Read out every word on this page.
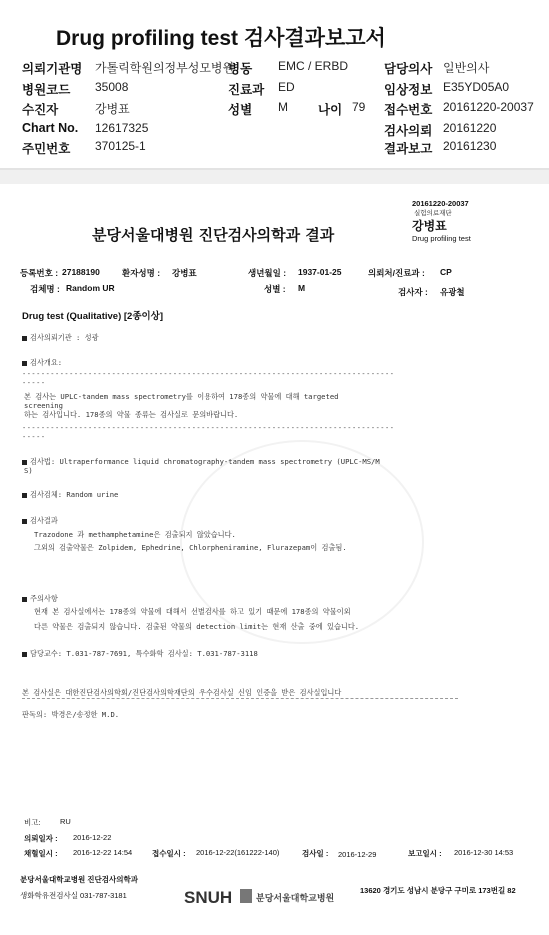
Drug profiling test 검사결과보고서
의뢰기관명 가톨릭학원의정부성모병원
병동 EMC / ERBD	담당의사 일반의사
병원코드 35008	진료과 ED	임상정보 E35YD05A0
수진자	강병표	성별 M 나이 79 접수번호 20161220-20037
Chart No. 12617325	검사의뢰 20161220
주민번호 370125-1	결과보고 20161230
20161220-20037
실험의료재단
강병표
Drug profiling test
분당서울대병원 진단검사의학과 결과
등록번호 : 27188190	환자성명 : 강병표	생년월일 : 1937-01-25	의뢰처/진료과 : CP
검체명 : Random UR	성별 : M	검사자 : 유광철
Drug test (Qualitative) [2종이상]
검사의뢰기관 : 성광
검사개요:
-------------------------------------------------------------------------------
-----
본 검사는 UPLC-tandem mass spectrometry를 이용하여 178종의 약물에 대해 targeted
screening
하는 검사입니다. 178종의 약물 종류는 검사실로 문의바랍니다.
-------------------------------------------------------------------------------
-----
검사법: Ultraperformance liquid chromatography-tandem mass spectrometry (UPLC-MS/M
S)
검사검체: Random urine
검사결과
Trazodone 과 methamphetamine은 검출되지 않았습니다.
그외의 검출약물은 Zolpidem, Ephedrine, Chlorpheniramine, Flurazepam이 검출됨.
주의사항
현재 본 검사실에서는 178종의 약물에 대해서 선별검사를 하고 있기 때문에 178종의 약물이외
다른 약물은 검출되지 않습니다. 검출된 약물의 detection limit는 현재 산출 중에 있습니다.
담당교수: T.031-787-7691, 특수화학 검사실: T.031-787-3118
본 검사실은 대한진단검사의학회/진단검사의학재단의 우수검사실 신임 인증을 받은 검사실입니다
판독의: 박경은/송정한 M.D.
비고:	RU
의뢰일자 : 2016-12-22
채혈일시 : 2016-12-22 14:54	접수일시 : 2016-12-22(161222-140)	검사일 : 2016-12-29	보고일시 : 2016-12-30 14:53
분당서울대학교병원 진단검사의학과
생화학유전검사실 031-787-3181	SNUH	분당서울대학교병원
13620 경기도 성남시 분당구 구미로 173번길 82
